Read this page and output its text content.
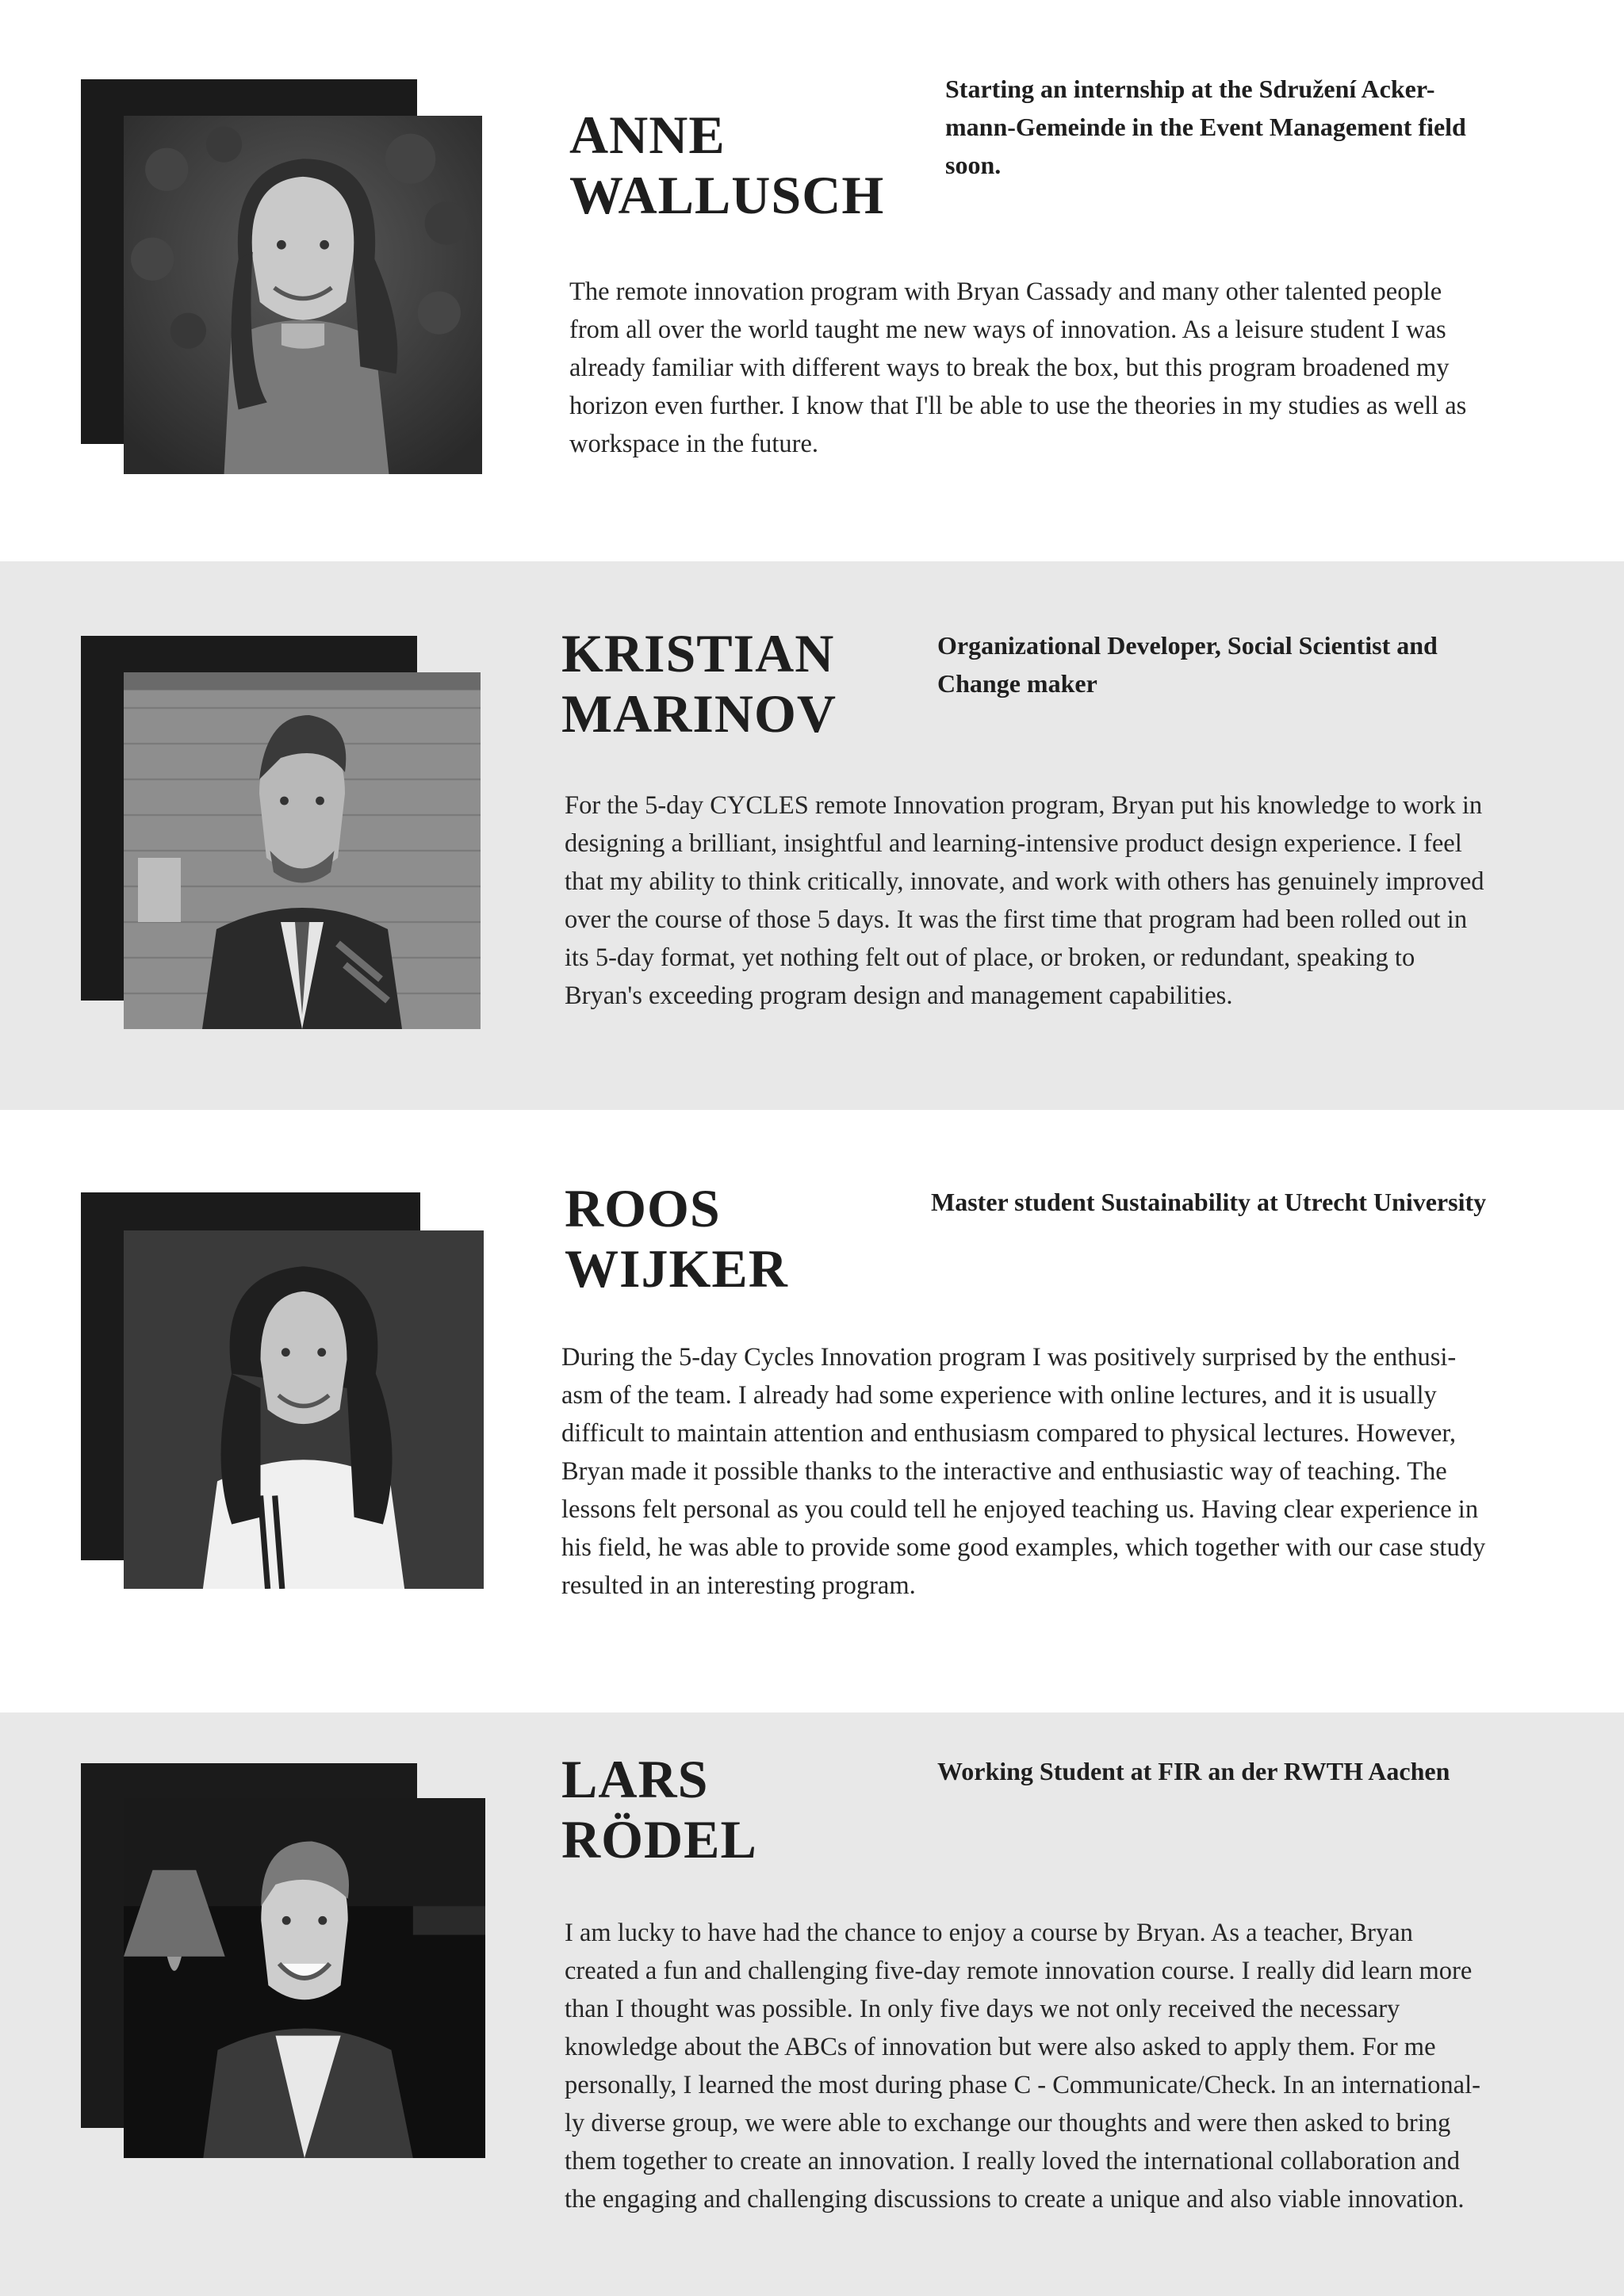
ANNE
WALLUSCH

Starting an internship at the Sdružení Acker-
mann-Gemeinde in the Event Management field
soon.

The remote innovation program with Bryan Cassady and many other talented people
from all over the world taught me new ways of innovation. As a leisure student I was
already familiar with different ways to break the box, but this program broadened my
horizon even further. I know that I'll be able to use the theories in my studies as well as
workspace in the future.

KRISTIAN
MARINOV

Organizational Developer, Social Scientist and
Change maker

For the 5-day CYCLES remote Innovation program, Bryan put his knowledge to work in
designing a brilliant, insightful and learning-intensive product design experience. I feel
that my ability to think critically, innovate, and work with others has genuinely improved
over the course of those 5 days. It was the first time that program had been rolled out in
its 5-day format, yet nothing felt out of place, or broken, or redundant, speaking to
Bryan's exceeding program design and management capabilities.

ROOS
WIJKER

Master student Sustainability at Utrecht University

During the 5-day Cycles Innovation program I was positively surprised by the enthusi-
asm of the team. I already had some experience with online lectures, and it is usually
difficult to maintain attention and enthusiasm compared to physical lectures. However,
Bryan made it possible thanks to the interactive and enthusiastic way of teaching. The
lessons felt personal as you could tell he enjoyed teaching us. Having clear experience in
his field, he was able to provide some good examples, which together with our case study
resulted in an interesting program.

LARS
RÖDEL

Working Student at FIR an der RWTH Aachen

I am lucky to have had the chance to enjoy a course by Bryan. As a teacher, Bryan
created a fun and challenging five-day remote innovation course. I really did learn more
than I thought was possible. In only five days we not only received the necessary
knowledge about the ABCs of innovation but were also asked to apply them. For me
personally, I learned the most during phase C - Communicate/Check. In an international-
ly diverse group, we were able to exchange our thoughts and were then asked to bring
them together to create an innovation. I really loved the international collaboration and
the engaging and challenging discussions to create a unique and also viable innovation.
